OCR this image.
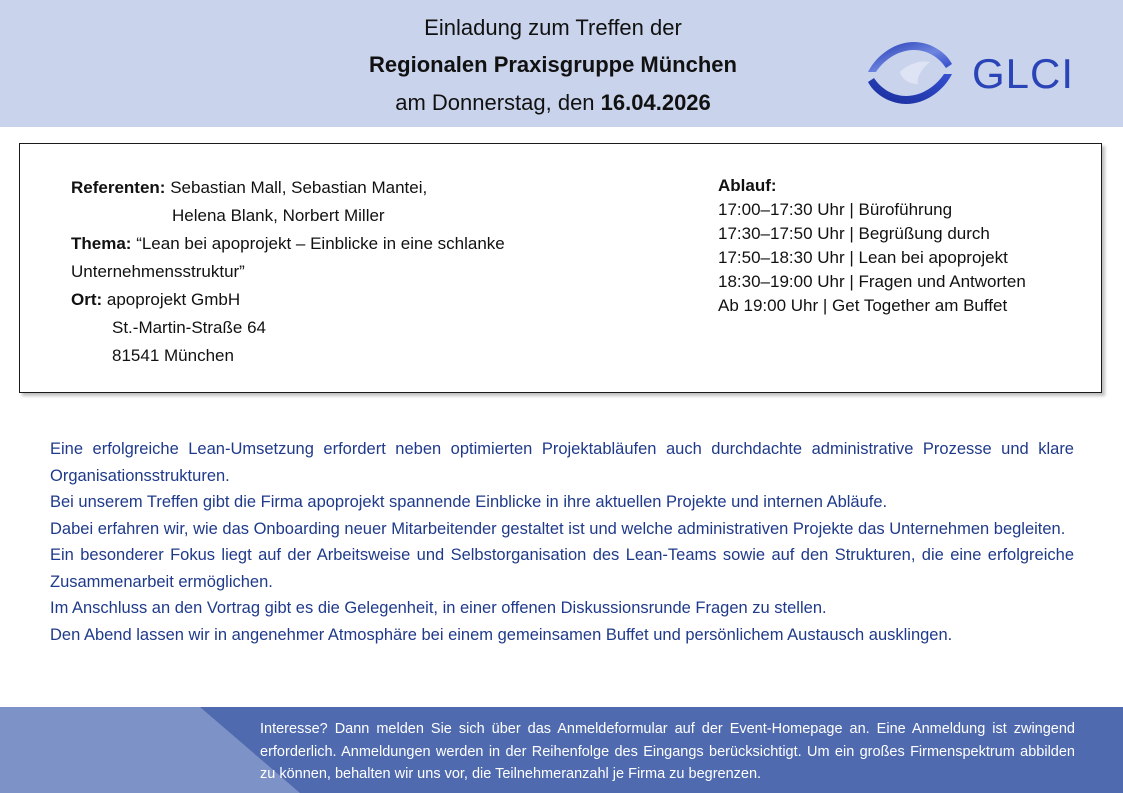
Einladung zum Treffen der
Regionalen Praxisgruppe München
am Donnerstag, den 16.04.2026
GLCI
Referenten: Sebastian Mall, Sebastian Mantei,
Helena Blank, Norbert Miller
Thema: “Lean bei apoprojekt – Einblicke in eine schlanke
Unternehmensstruktur”
Ort: apoprojekt GmbH
St.-Martin-Straße 64
81541 München
Ablauf:
17:00–17:30 Uhr | Büroführung
17:30–17:50 Uhr | Begrüßung durch
17:50–18:30 Uhr | Lean bei apoprojekt
18:30–19:00 Uhr | Fragen und Antworten
Ab 19:00 Uhr | Get Together am Buffet

Eine erfolgreiche Lean-Umsetzung erfordert neben optimierten Projektabläufen auch durchdachte administrative Prozesse und klare Organisationsstrukturen.

Bei unserem Treffen gibt die Firma apoprojekt spannende Einblicke in ihre aktuellen Projekte und internen Abläufe.

Dabei erfahren wir, wie das Onboarding neuer Mitarbeitender gestaltet ist und welche administrativen Projekte das Unternehmen begleiten.

Ein besonderer Fokus liegt auf der Arbeitsweise und Selbstorganisation des Lean-Teams sowie auf den Strukturen, die eine erfolgreiche Zusammenarbeit ermöglichen.

Im Anschluss an den Vortrag gibt es die Gelegenheit, in einer offenen Diskussionsrunde Fragen zu stellen.

Den Abend lassen wir in angenehmer Atmosphäre bei einem gemeinsamen Buffet und persönlichem Austausch ausklingen.

Interesse? Dann melden Sie sich über das Anmeldeformular auf der Event-Homepage an. Eine Anmeldung ist zwingend erforderlich. Anmeldungen werden in der Reihenfolge des Eingangs berücksichtigt. Um ein großes Firmenspektrum abbilden zu können, behalten wir uns vor, die Teilnehmeranzahl je Firma zu begrenzen.
